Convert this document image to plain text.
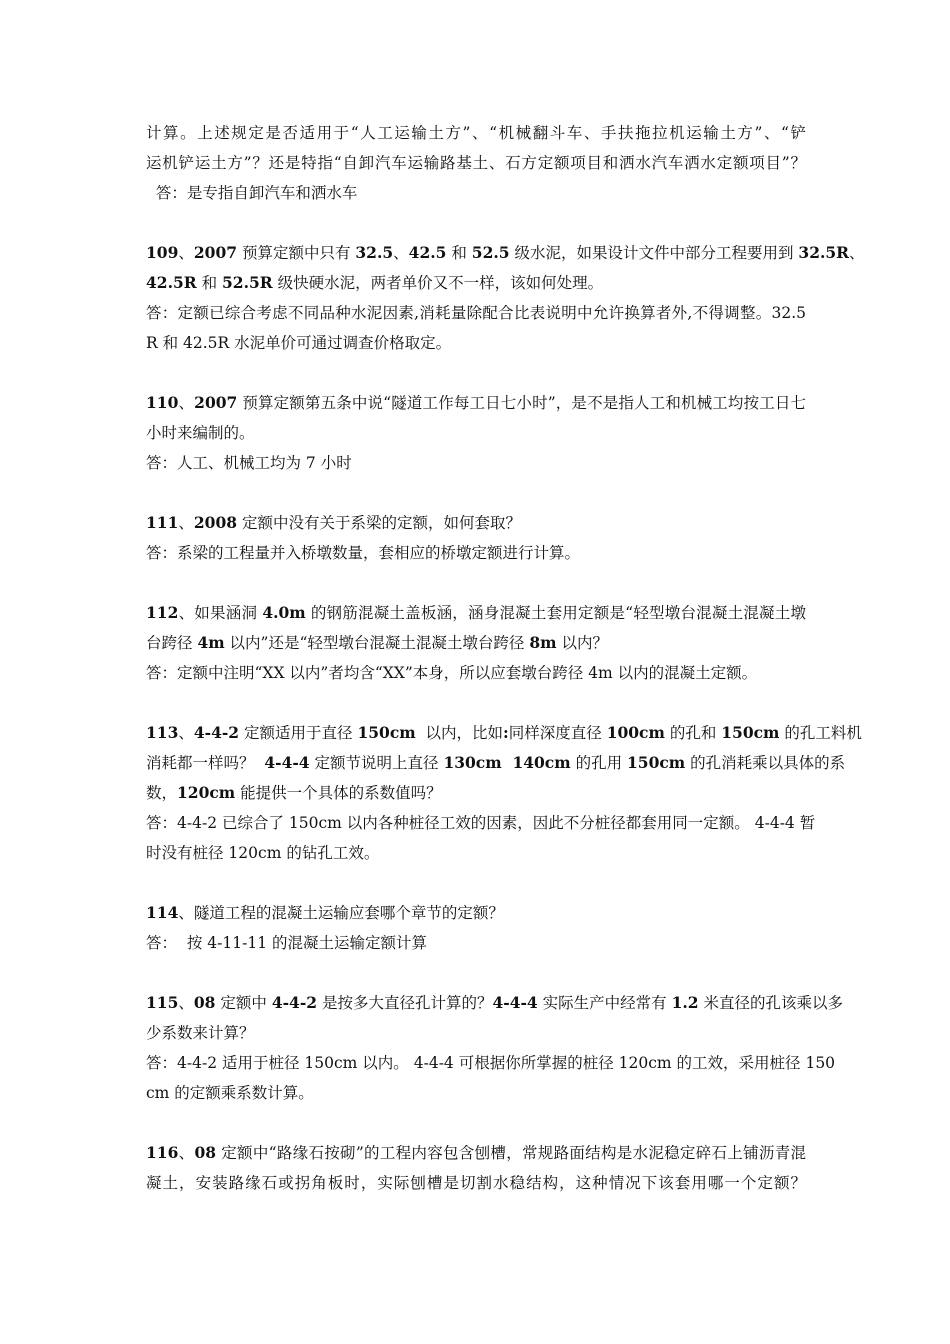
计算。上述规定是否适用于“人工运输土方”、“机械翻斗车、手扶拖拉机运输土方”、“铲
运机铲运土方”？还是特指“自卸汽车运输路基土、石方定额项目和洒水汽车洒水定额项目”？
答：是专指自卸汽车和洒水车
109、2007 预算定额中只有 32.5、42.5 和 52.5 级水泥，如果设计文件中部分工程要用到 32.5R、
42.5R 和 52.5R 级快硬水泥，两者单价又不一样，该如何处理。
答：定额已综合考虑不同品种水泥因素,消耗量除配合比表说明中允许换算者外,不得调整。32.5
R 和 42.5R 水泥单价可通过调查价格取定。
110、2007 预算定额第五条中说“隧道工作每工日七小时”，是不是指人工和机械工均按工日七
小时来编制的。
答：人工、机械工均为 7 小时
111、2008 定额中没有关于系梁的定额，如何套取？
答：系梁的工程量并入桥墩数量，套相应的桥墩定额进行计算。
112、如果涵洞 4.0m 的钢筋混凝土盖板涵，涵身混凝土套用定额是“轻型墩台混凝土混凝土墩
台跨径 4m 以内”还是“轻型墩台混凝土混凝土墩台跨径 8m 以内？
答：定额中注明“XX 以内”者均含“XX”本身，所以应套墩台跨径 4m 以内的混凝土定额。
113、4-4-2 定额适用于直径 150cm  以内，比如:同样深度直径 100cm 的孔和 150cm 的孔工料机
消耗都一样吗？  4-4-4 定额节说明上直径 130cm  140cm 的孔用 150cm 的孔消耗乘以具体的系
数，120cm 能提供一个具体的系数值吗？
答：4-4-2 已综合了 150cm 以内各种桩径工效的因素，因此不分桩径都套用同一定额。 4-4-4 暂
时没有桩径 120cm 的钻孔工效。
114、隧道工程的混凝土运输应套哪个章节的定额？
答：  按 4-11-11 的混凝土运输定额计算
115、08 定额中 4-4-2 是按多大直径孔计算的？4-4-4 实际生产中经常有 1.2 米直径的孔该乘以多
少系数来计算？
答：4-4-2 适用于桩径 150cm 以内。 4-4-4 可根据你所掌握的桩径 120cm 的工效，采用桩径 150
cm 的定额乘系数计算。
116、08 定额中“路缘石按砌”的工程内容包含刨槽，常规路面结构是水泥稳定碎石上铺沥青混
凝土，安装路缘石或拐角板时，实际刨槽是切割水稳结构，这种情况下该套用哪一个定额？
